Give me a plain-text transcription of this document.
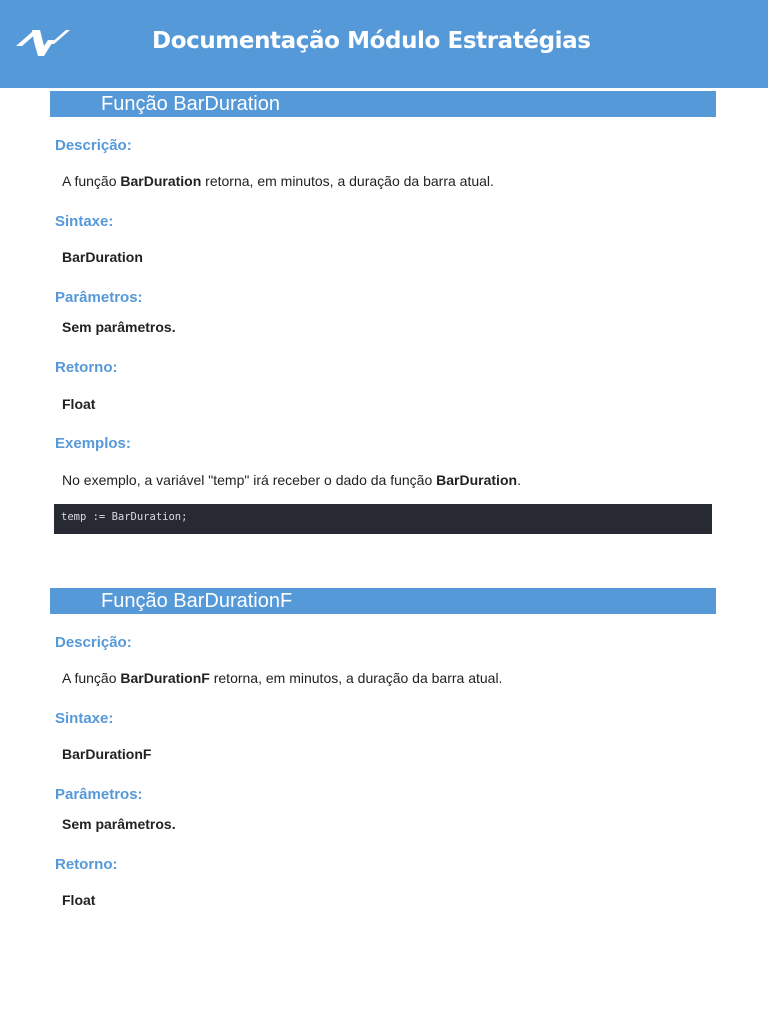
Documentação Módulo Estratégias
Função BarDuration
Descrição:
A função BarDuration retorna, em minutos, a duração da barra atual.
Sintaxe:
BarDuration
Parâmetros:
Sem parâmetros.
Retorno:
Float
Exemplos:
No exemplo, a variável "temp" irá receber o dado da função BarDuration.
temp := BarDuration;
Função BarDurationF
Descrição:
A função BarDurationF retorna, em minutos, a duração da barra atual.
Sintaxe:
BarDurationF
Parâmetros:
Sem parâmetros.
Retorno:
Float
